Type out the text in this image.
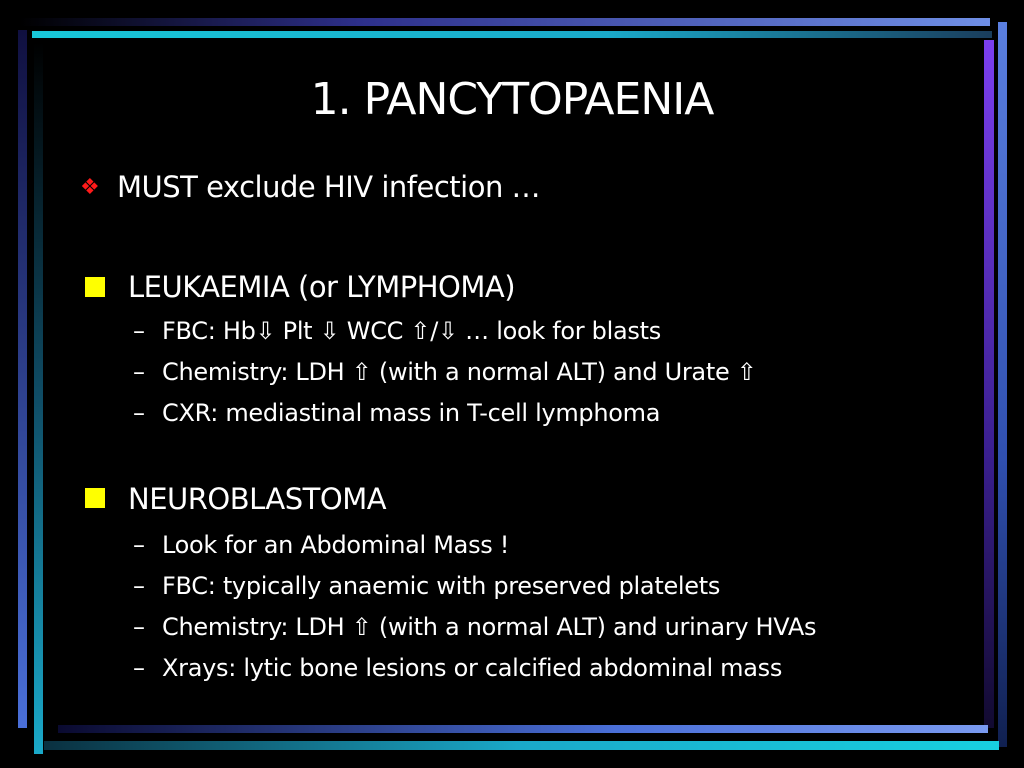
1. PANCYTOPAENIA
❖ MUST exclude HIV infection …
LEUKAEMIA (or LYMPHOMA)
– FBC: Hb⇩ Plt ⇩ WCC ⇧/⇩ … look for blasts
– Chemistry: LDH ⇧ (with a normal ALT) and Urate ⇧
– CXR: mediastinal mass in T-cell lymphoma
NEUROBLASTOMA
– Look for an Abdominal Mass !
– FBC: typically anaemic with preserved platelets
– Chemistry: LDH ⇧ (with a normal ALT) and urinary HVAs
– Xrays: lytic bone lesions or calcified abdominal mass
